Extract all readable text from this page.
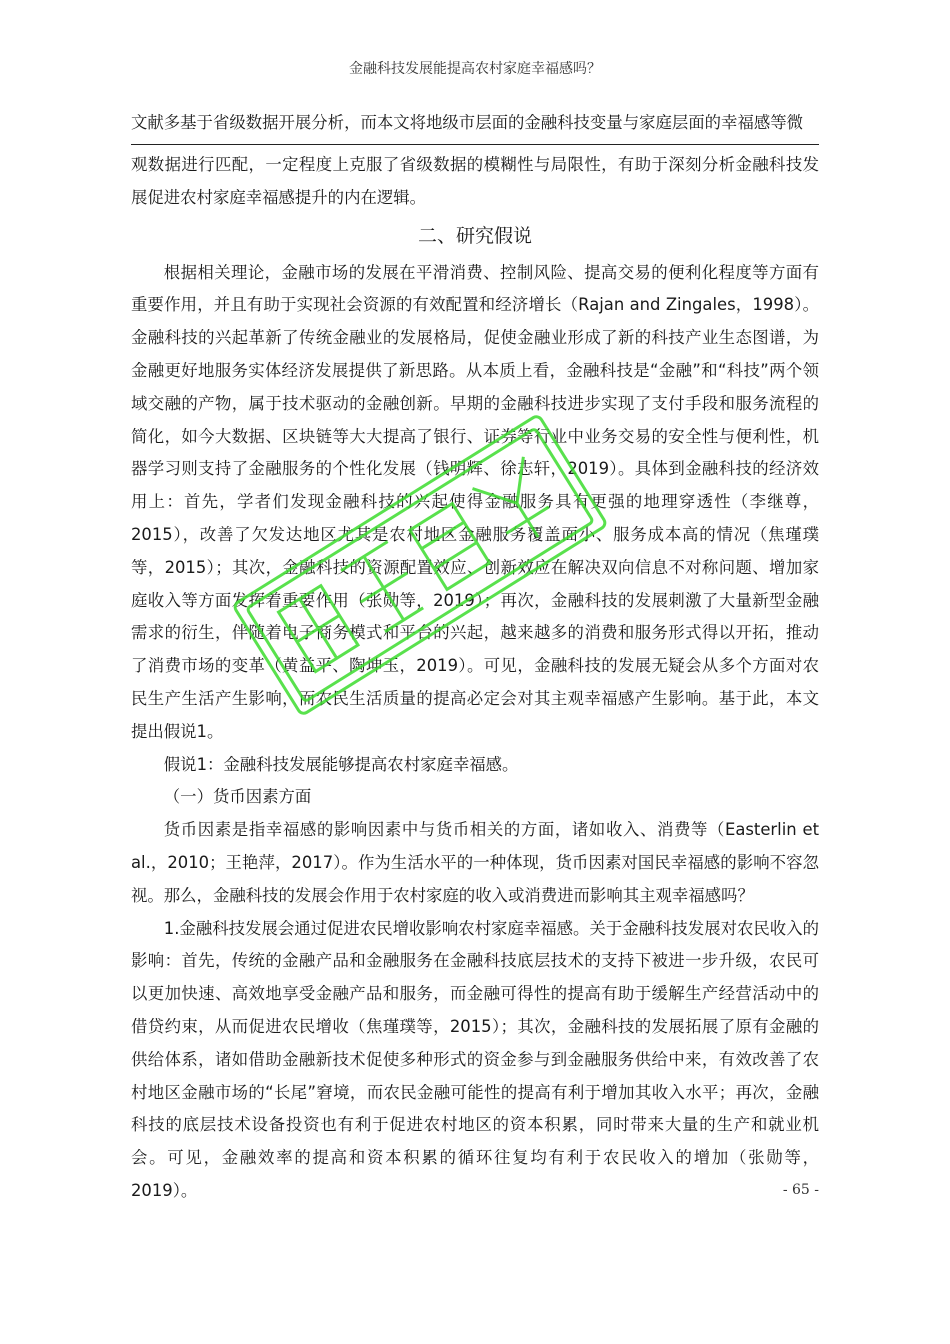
金融科技发展能提高农村家庭幸福感吗？

文献多基于省级数据开展分析，而本文将地级市层面的金融科技变量与家庭层面的幸福感等微

观数据进行匹配，一定程度上克服了省级数据的模糊性与局限性，有助于深刻分析金融科技发展促进农村家庭幸福感提升的内在逻辑。

二、研究假说

根据相关理论，金融市场的发展在平滑消费、控制风险、提高交易的便利化程度等方面有重要作用，并且有助于实现社会资源的有效配置和经济增长（Rajan and Zingales，1998）。金融科技的兴起革新了传统金融业的发展格局，促使金融业形成了新的科技产业生态图谱，为金融更好地服务实体经济发展提供了新思路。从本质上看，金融科技是“金融”和“科技”两个领域交融的产物，属于技术驱动的金融创新。早期的金融科技进步实现了支付手段和服务流程的简化，如今大数据、区块链等大大提高了银行、证券等行业中业务交易的安全性与便利性，机器学习则支持了金融服务的个性化发展（钱明辉、徐志轩，2019）。具体到金融科技的经济效用上：首先，学者们发现金融科技的兴起使得金融服务具有更强的地理穿透性（李继尊，2015），改善了欠发达地区尤其是农村地区金融服务覆盖面小、服务成本高的情况（焦瑾璞等，2015）；其次，金融科技的资源配置效应、创新效应在解决双向信息不对称问题、增加家庭收入等方面发挥着重要作用（张勋等，2019）；再次，金融科技的发展刺激了大量新型金融需求的衍生，伴随着电子商务模式和平台的兴起，越来越多的消费和服务形式得以开拓，推动了消费市场的变革（黄益平、陶坤玉，2019）。可见，金融科技的发展无疑会从多个方面对农民生产生活产生影响，而农民生活质量的提高必定会对其主观幸福感产生影响。基于此，本文提出假说1。

假说1：金融科技发展能够提高农村家庭幸福感。

（一）货币因素方面

货币因素是指幸福感的影响因素中与货币相关的方面，诸如收入、消费等（Easterlin et al.，2010；王艳萍，2017）。作为生活水平的一种体现，货币因素对国民幸福感的影响不容忽视。那么，金融科技的发展会作用于农村家庭的收入或消费进而影响其主观幸福感吗？

1.金融科技发展会通过促进农民增收影响农村家庭幸福感。关于金融科技发展对农民收入的影响：首先，传统的金融产品和金融服务在金融科技底层技术的支持下被进一步升级，农民可以更加快速、高效地享受金融产品和服务，而金融可得性的提高有助于缓解生产经营活动中的借贷约束，从而促进农民增收（焦瑾璞等，2015）；其次，金融科技的发展拓展了原有金融的供给体系，诸如借助金融新技术促使多种形式的资金参与到金融服务供给中来，有效改善了农村地区金融市场的“长尾”窘境，而农民金融可能性的提高有利于增加其收入水平；再次，金融科技的底层技术设备投资也有利于促进农村地区的资本积累，同时带来大量的生产和就业机会。可见，金融效率的提高和资本积累的循环往复均有利于农民收入的增加（张勋等，2019）。	- 65 -
